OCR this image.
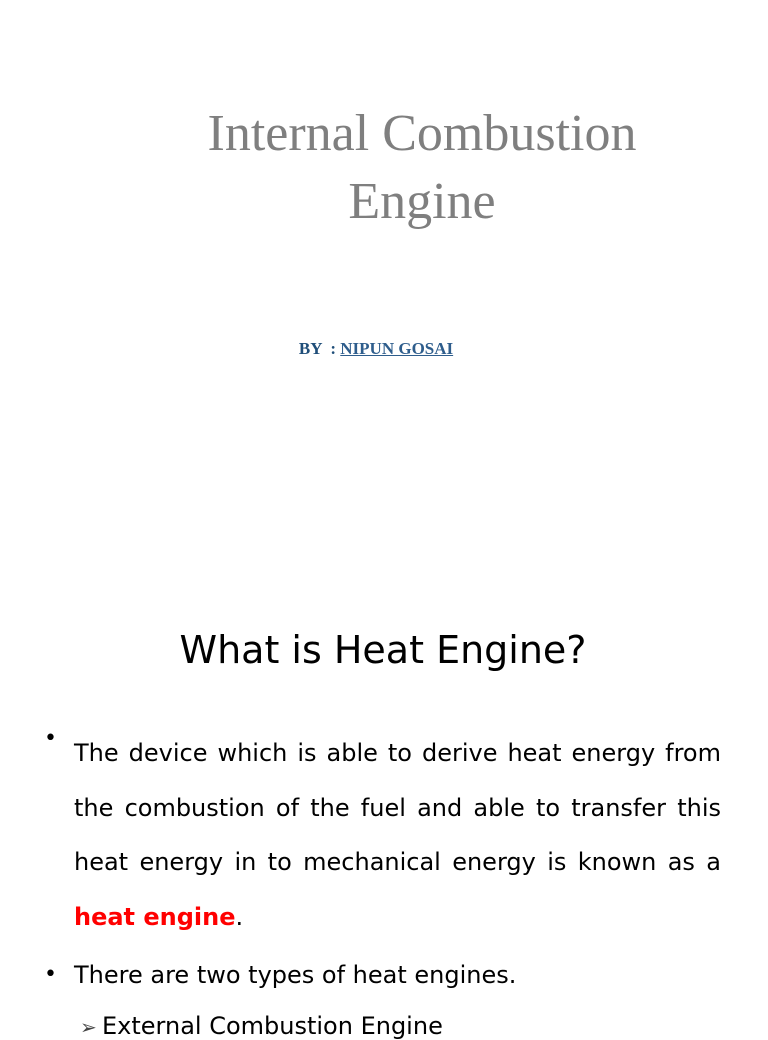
Internal Combustion
Engine
BY  : NIPUN GOSAI
What is Heat Engine?
•
The device which is able to derive heat energy from the combustion of the fuel and able to transfer this heat energy in to mechanical energy is known as a heat engine.
• There are two types of heat engines.
➢ External Combustion Engine
